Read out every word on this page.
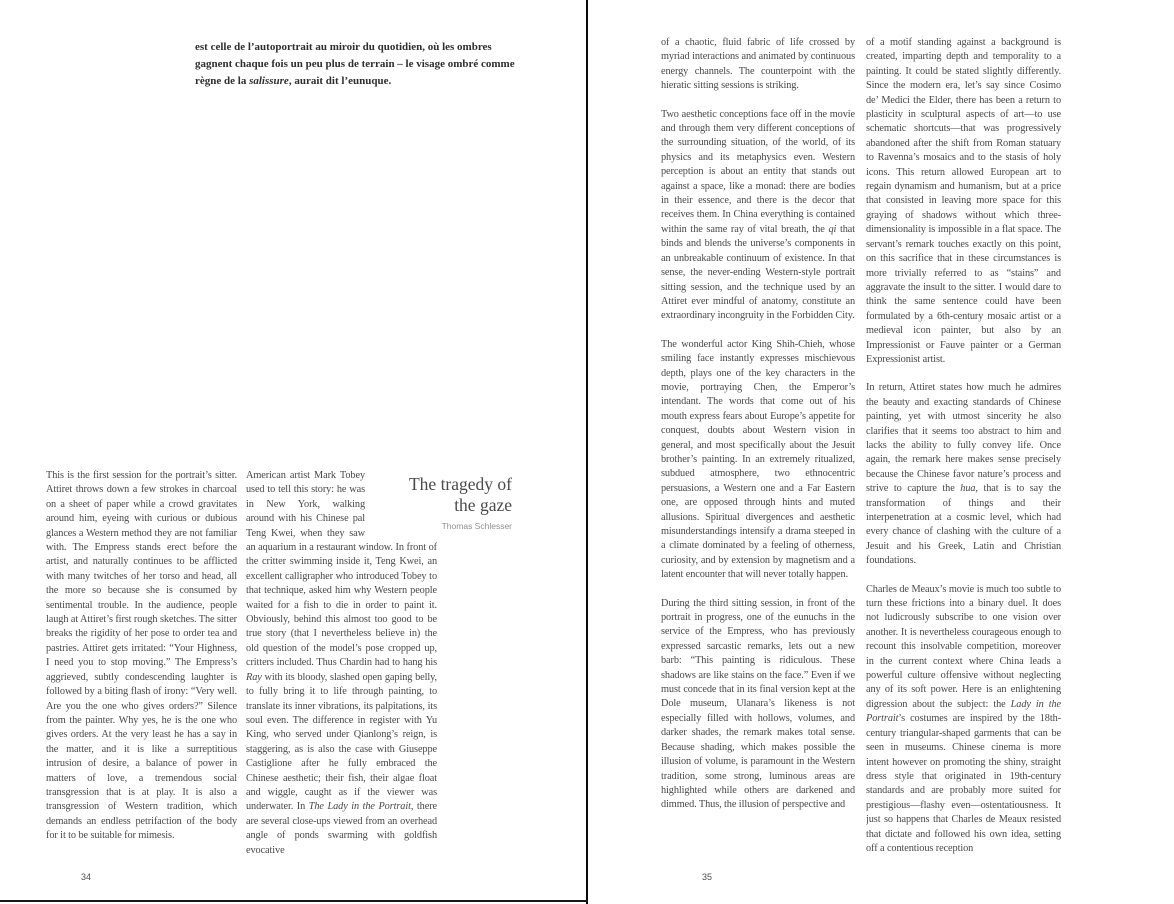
est celle de l’autoportrait au miroir du quotidien, où les ombres gagnent chaque fois un peu plus de terrain – le visage ombré comme règne de la salissure, aurait dit l’eunuque.
The tragedy of
the gaze
Thomas Schlesser
This is the first session for the portrait’s sitter. Attiret throws down a few strokes in charcoal on a sheet of paper while a crowd gravitates around him, eyeing with curious or dubious glances a Western method they are not familiar with. The Empress stands erect before the artist, and naturally continues to be afflicted with many twitches of her torso and head, all the more so because she is consumed by sentimental trouble. In the audience, people laugh at Attiret’s first rough sketches. The sitter breaks the rigidity of her pose to order tea and pastries. Attiret gets irritated: “Your Highness, I need you to stop moving.” The Empress’s aggrieved, subtly condescending laughter is followed by a biting flash of irony: “Very well. Are you the one who gives orders?” Silence from the painter. Why yes, he is the one who gives orders. At the very least he has a say in the matter, and it is like a surreptitious intrusion of desire, a balance of power in matters of love, a tremendous social transgression that is at play. It is also a transgression of Western tradition, which demands an endless petrifaction of the body for it to be suitable for mimesis.
American artist Mark Tobey used to tell this story: he was in New York, walking around with his Chinese pal Teng Kwei, when they saw an aquarium in a restaurant window. In front of the critter swimming inside it, Teng Kwei, an excellent calligrapher who introduced Tobey to that technique, asked him why Western people waited for a fish to die in order to paint it. Obviously, behind this almost too good to be true story (that I nevertheless believe in) the old question of the model’s pose cropped up, critters included. Thus Chardin had to hang his Ray with its bloody, slashed open gaping belly, to fully bring it to life through painting, to translate its inner vibrations, its palpitations, its soul even. The difference in register with Yu King, who served under Qianlong’s reign, is staggering, as is also the case with Giuseppe Castiglione after he fully embraced the Chinese aesthetic; their fish, their algae float and wiggle, caught as if the viewer was underwater. In The Lady in the Portrait, there are several close-ups viewed from an overhead angle of ponds swarming with goldfish evocative
34

of a chaotic, fluid fabric of life crossed by myriad interactions and animated by continuous energy channels. The counterpoint with the hieratic sitting sessions is striking.

Two aesthetic conceptions face off in the movie and through them very different conceptions of the surrounding situation, of the world, of its physics and its metaphysics even. Western perception is about an entity that stands out against a space, like a monad: there are bodies in their essence, and there is the decor that receives them. In China everything is contained within the same ray of vital breath, the qi that binds and blends the universe’s components in an unbreakable continuum of existence. In that sense, the never-ending Western-style portrait sitting session, and the technique used by an Attiret ever mindful of anatomy, constitute an extraordinary incongruity in the Forbidden City.

The wonderful actor King Shih-Chieh, whose smiling face instantly expresses mischievous depth, plays one of the key characters in the movie, portraying Chen, the Emperor’s intendant. The words that come out of his mouth express fears about Europe’s appetite for conquest, doubts about Western vision in general, and most specifically about the Jesuit brother’s painting. In an extremely ritualized, subdued atmosphere, two ethnocentric persuasions, a Western one and a Far Eastern one, are opposed through hints and muted allusions. Spiritual divergences and aesthetic misunderstandings intensify a drama steeped in a climate dominated by a feeling of otherness, curiosity, and by extension by magnetism and a latent encounter that will never totally happen.

During the third sitting session, in front of the portrait in progress, one of the eunuchs in the service of the Empress, who has previously expressed sarcastic remarks, lets out a new barb: “This painting is ridiculous. These shadows are like stains on the face.” Even if we must concede that in its final version kept at the Dole museum, Ulanara’s likeness is not especially filled with hollows, volumes, and darker shades, the remark makes total sense. Because shading, which makes possible the illusion of volume, is paramount in the Western tradition, some strong, luminous areas are highlighted while others are darkened and dimmed. Thus, the illusion of perspective and

of a motif standing against a background is created, imparting depth and temporality to a painting. It could be stated slightly differently. Since the modern era, let’s say since Cosimo de’ Medici the Elder, there has been a return to plasticity in sculptural aspects of art—to use schematic shortcuts—that was progressively abandoned after the shift from Roman statuary to Ravenna’s mosaics and to the stasis of holy icons. This return allowed European art to regain dynamism and humanism, but at a price that consisted in leaving more space for this graying of shadows without which three-dimensionality is impossible in a flat space. The servant’s remark touches exactly on this point, on this sacrifice that in these circumstances is more trivially referred to as “stains” and aggravate the insult to the sitter. I would dare to think the same sentence could have been formulated by a 6th-century mosaic artist or a medieval icon painter, but also by an Impressionist or Fauve painter or a German Expressionist artist.

In return, Attiret states how much he admires the beauty and exacting standards of Chinese painting, yet with utmost sincerity he also clarifies that it seems too abstract to him and lacks the ability to fully convey life. Once again, the remark here makes sense precisely because the Chinese favor nature’s process and strive to capture the hua, that is to say the transformation of things and their interpenetration at a cosmic level, which had every chance of clashing with the culture of a Jesuit and his Greek, Latin and Christian foundations.

Charles de Meaux’s movie is much too subtle to turn these frictions into a binary duel. It does not ludicrously subscribe to one vision over another. It is nevertheless courageous enough to recount this insolvable competition, moreover in the current context where China leads a powerful culture offensive without neglecting any of its soft power. Here is an enlightening digression about the subject: the Lady in the Portrait’s costumes are inspired by the 18th-century triangular-shaped garments that can be seen in museums. Chinese cinema is more intent however on promoting the shiny, straight dress style that originated in 19th-century standards and are probably more suited for prestigious—flashy even—ostentatiousness. It just so happens that Charles de Meaux resisted that dictate and followed his own idea, setting off a contentious reception

35
